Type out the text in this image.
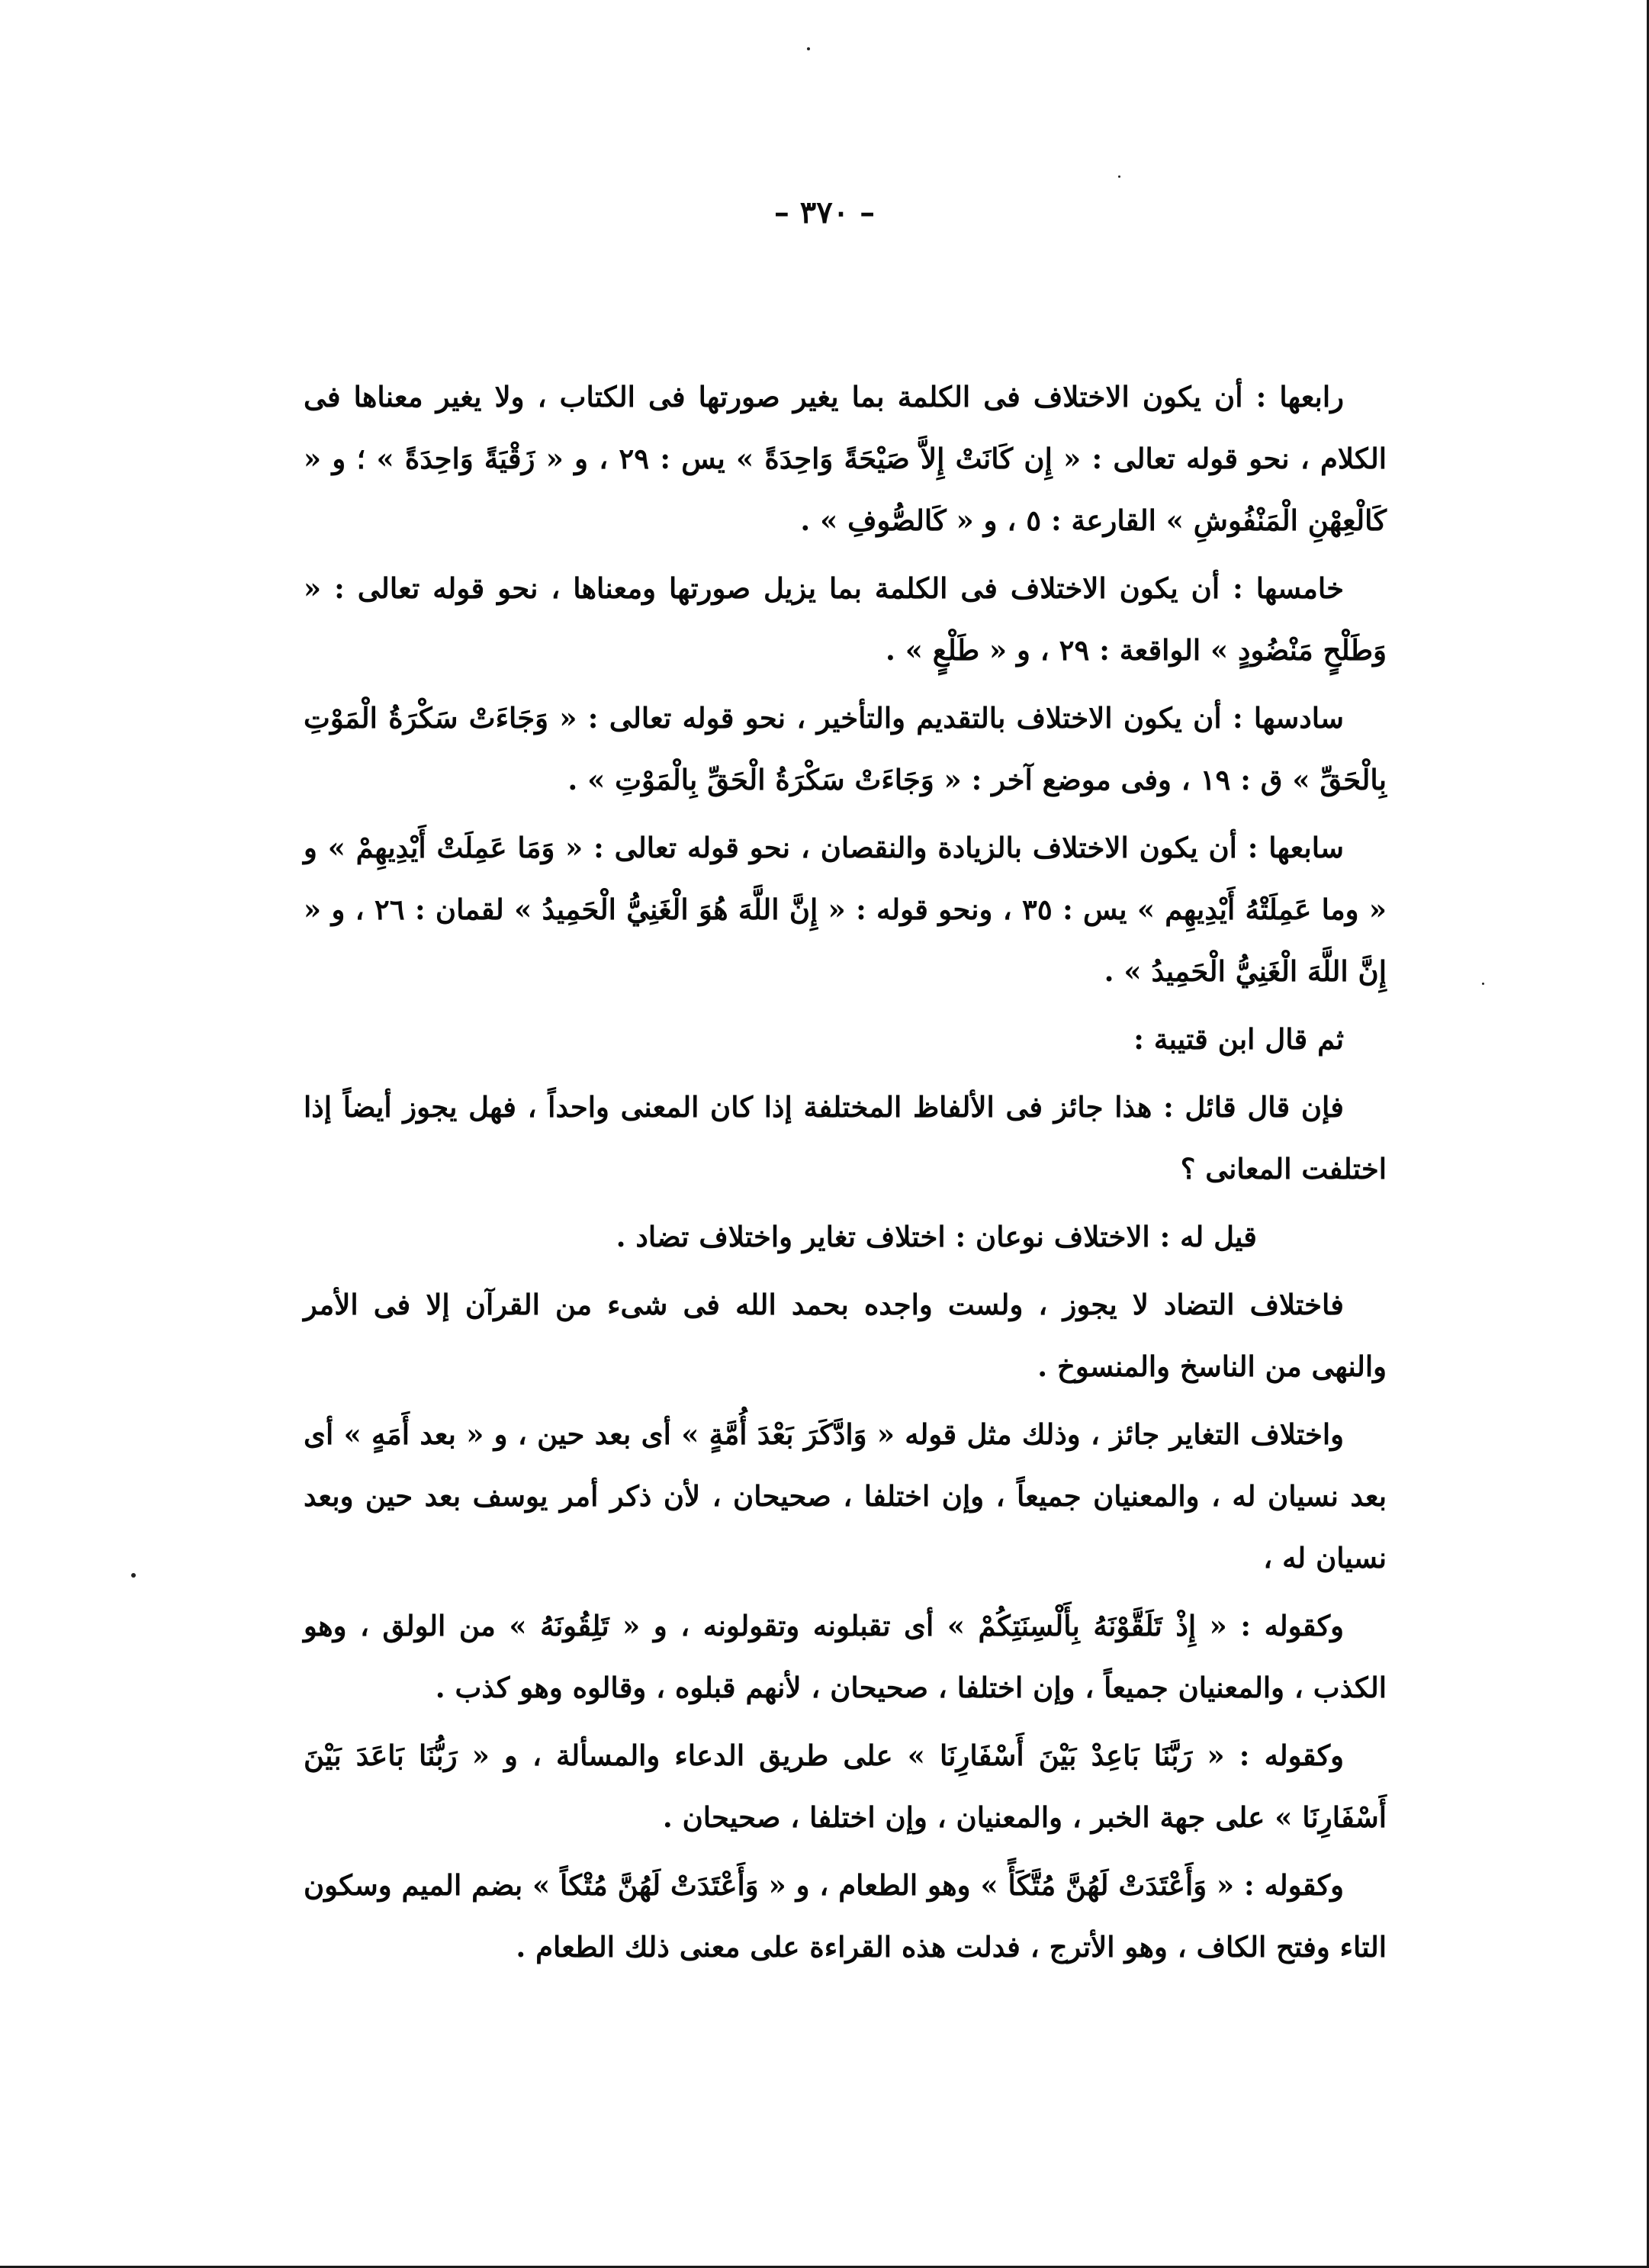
– ٣٧٠ –

رابعها : أن يكون الاختلاف فى الكلمة بما يغير صورتها فى الكتاب ، ولا يغير معناها فى الكلام ، نحو قوله تعالى : « إِن كَانَتْ إِلاَّ صَيْحَةً وَاحِدَةً » يس : ٢٩ ، و « زَقْيَةً وَاحِدَةً » ؛ و « كَالْعِهْنِ الْمَنْفُوشِ » القارعة : ٥ ، و « كَالصُّوفِ » .

خامسها : أن يكون الاختلاف فى الكلمة بما يزيل صورتها ومعناها ، نحو قوله تعالى : « وَطَلْحٍ مَنْضُودٍ » الواقعة : ٢٩ ، و « طَلْعٍ » .

سادسها : أن يكون الاختلاف بالتقديم والتأخير ، نحو قوله تعالى : « وَجَاءَتْ سَكْرَةُ الْمَوْتِ بِالْحَقِّ » ق : ١٩ ، وفى موضع آخر : « وَجَاءَتْ سَكْرَةُ الْحَقِّ بِالْمَوْتِ » .

سابعها : أن يكون الاختلاف بالزيادة والنقصان ، نحو قوله تعالى : « وَمَا عَمِلَتْ أَيْدِيهِمْ » و « وما عَمِلَتْهُ أَيْدِيهِم » يس : ٣٥ ، ونحو قوله : « إِنَّ اللَّهَ هُوَ الْغَنِيُّ الْحَمِيدُ » لقمان : ٢٦ ، و « إِنَّ اللَّهَ الْغَنِيُّ الْحَمِيدُ » .

ثم قال ابن قتيبة :

فإن قال قائل : هذا جائز فى الألفاظ المختلفة إذا كان المعنى واحداً ، فهل يجوز أيضاً إذا اختلفت المعانى ؟

قيل له : الاختلاف نوعان : اختلاف تغاير واختلاف تضاد .

فاختلاف التضاد لا يجوز ، ولست واجده بحمد الله فى شىء من القرآن إلا فى الأمر والنهى من الناسخ والمنسوخ .

واختلاف التغاير جائز ، وذلك مثل قوله « وَادَّكَرَ بَعْدَ أُمَّةٍ » أى بعد حين ، و « بعد أَمَهٍ » أى بعد نسيان له ، والمعنيان جميعاً ، وإن اختلفا ، صحيحان ، لأن ذكر أمر يوسف بعد حين وبعد نسيان له ،

وكقوله : « إِذْ تَلَقَّوْنَهُ بِأَلْسِنَتِكُمْ » أى تقبلونه وتقولونه ، و « تَلِقُونَهُ » من الولق ، وهو الكذب ، والمعنيان جميعاً ، وإن اختلفا ، صحيحان ، لأنهم قبلوه ، وقالوه وهو كذب .

وكقوله : « رَبَّنَا بَاعِدْ بَيْنَ أَسْفَارِنَا » على طريق الدعاء والمسألة ، و « رَبُّنَا بَاعَدَ بَيْنَ أَسْفَارِنَا » على جهة الخبر ، والمعنيان ، وإن اختلفا ، صحيحان .

وكقوله : « وَأَعْتَدَتْ لَهُنَّ مُتَّكَأً » وهو الطعام ، و « وَأَعْتَدَتْ لَهُنَّ مُتْكاً » بضم الميم وسكون التاء وفتح الكاف ، وهو الأترج ، فدلت هذه القراءة على معنى ذلك الطعام .
